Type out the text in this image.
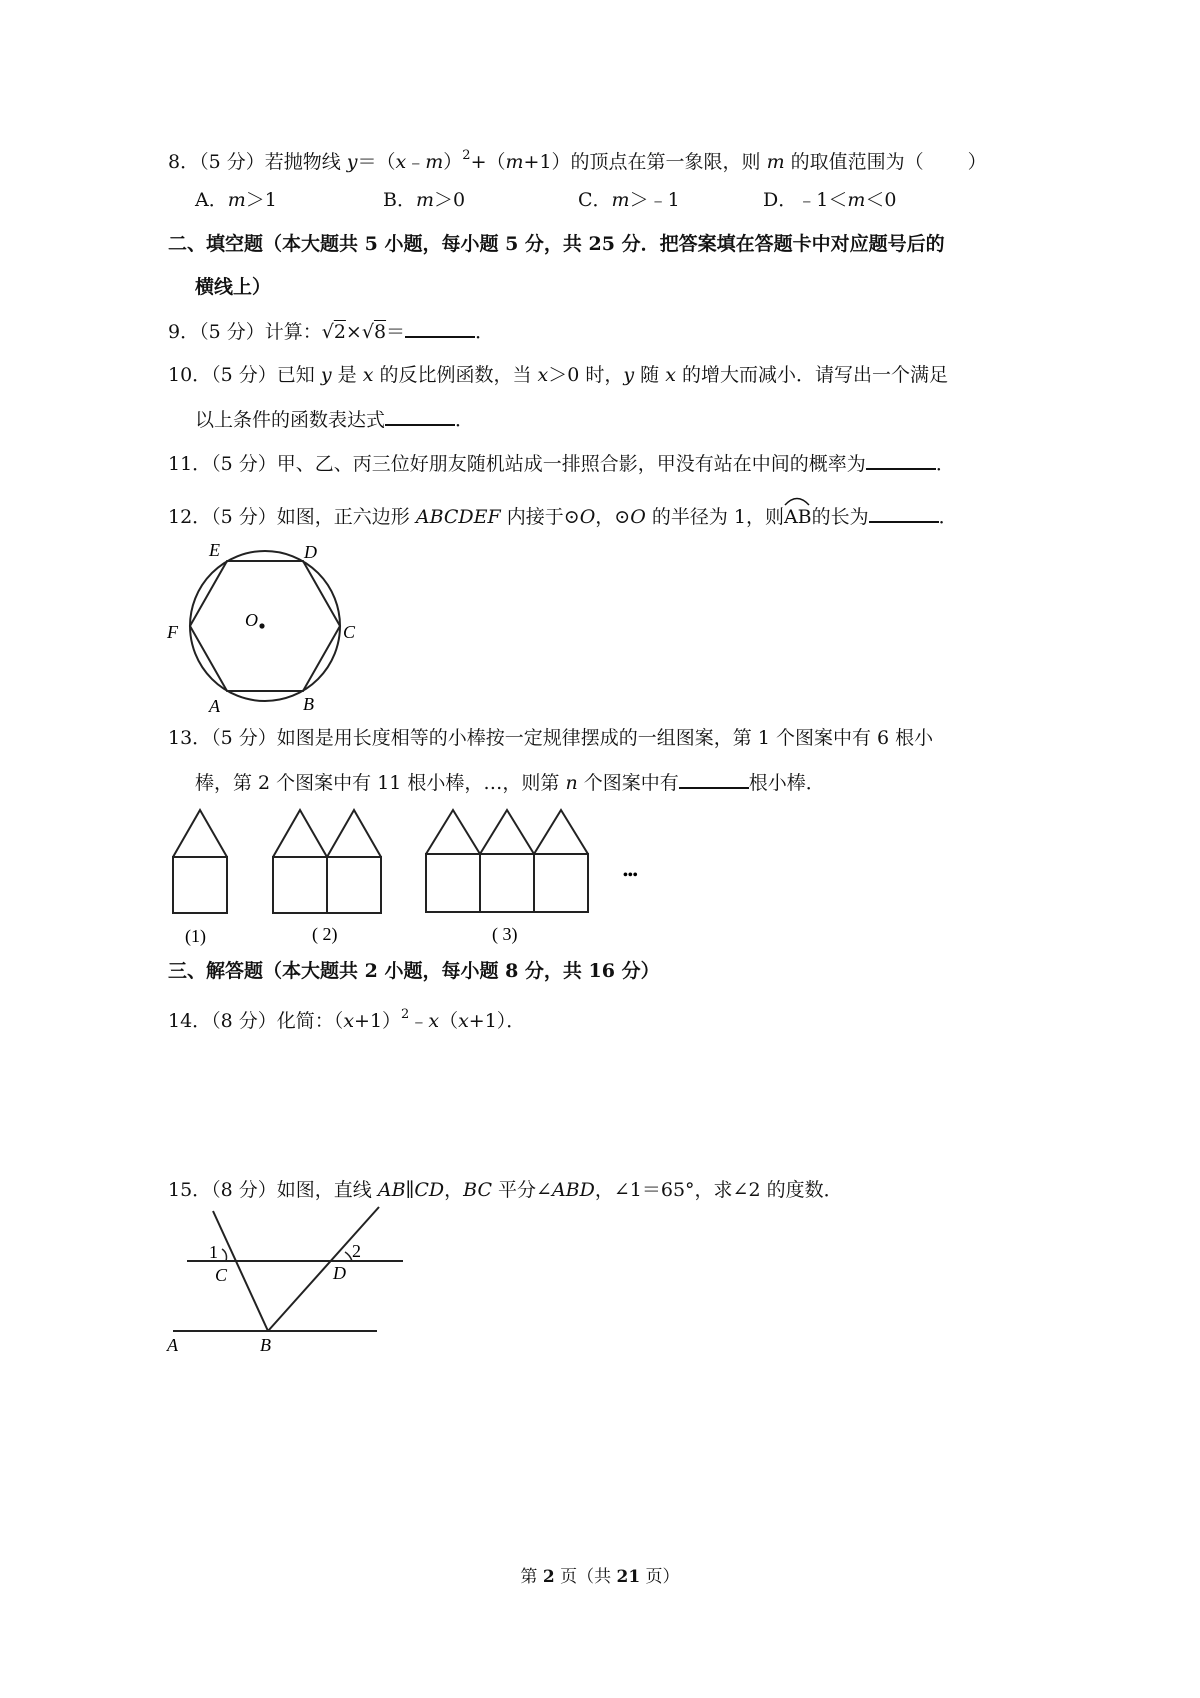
8．（5 分）若抛物线 y＝（x﹣m）$^2$+（m+1）的顶点在第一象限，则 m 的取值范围为（ ）
A．m＞1	B．m＞0	C．m＞﹣1	D．﹣1＜m＜0
二、填空题（本大题共 5 小题，每小题 5 分，共 25 分．把答案填在答题卡中对应题号后的
横线上）
9．（5 分）计算：√2×√8＝	．
10．（5 分）已知 y 是 x 的反比例函数，当 x＞0 时，y 随 x 的增大而减小．请写出一个满足
以上条件的函数表达式	．
11．（5 分）甲、乙、丙三位好朋友随机站成一排照合影，甲没有站在中间的概率为	．
12．（5 分）如图，正六边形 ABCDEF 内接于⊙O，⊙O 的半径为 1，则
AB的长为	．
E	D
F	C
O
A	B
13．（5 分）如图是用长度相等的小棒按一定规律摆成的一组图案，第 1 个图案中有 6 根小
棒，第 2 个图案中有 11 根小棒，…，则第 n 个图案中有	根小棒．
•••
(1)	( 2)	( 3)
三、解答题（本大题共 2 小题，每小题 8 分，共 16 分）
14．（8 分）化简：$(x+1)^2﹣x(x+1)$．
15．（8 分）如图，直线 AB∥CD，BC 平分∠ABD，∠1＝65°，求∠2 的度数．
1	2
C	D
A	B
第 2 页（共 21 页）
